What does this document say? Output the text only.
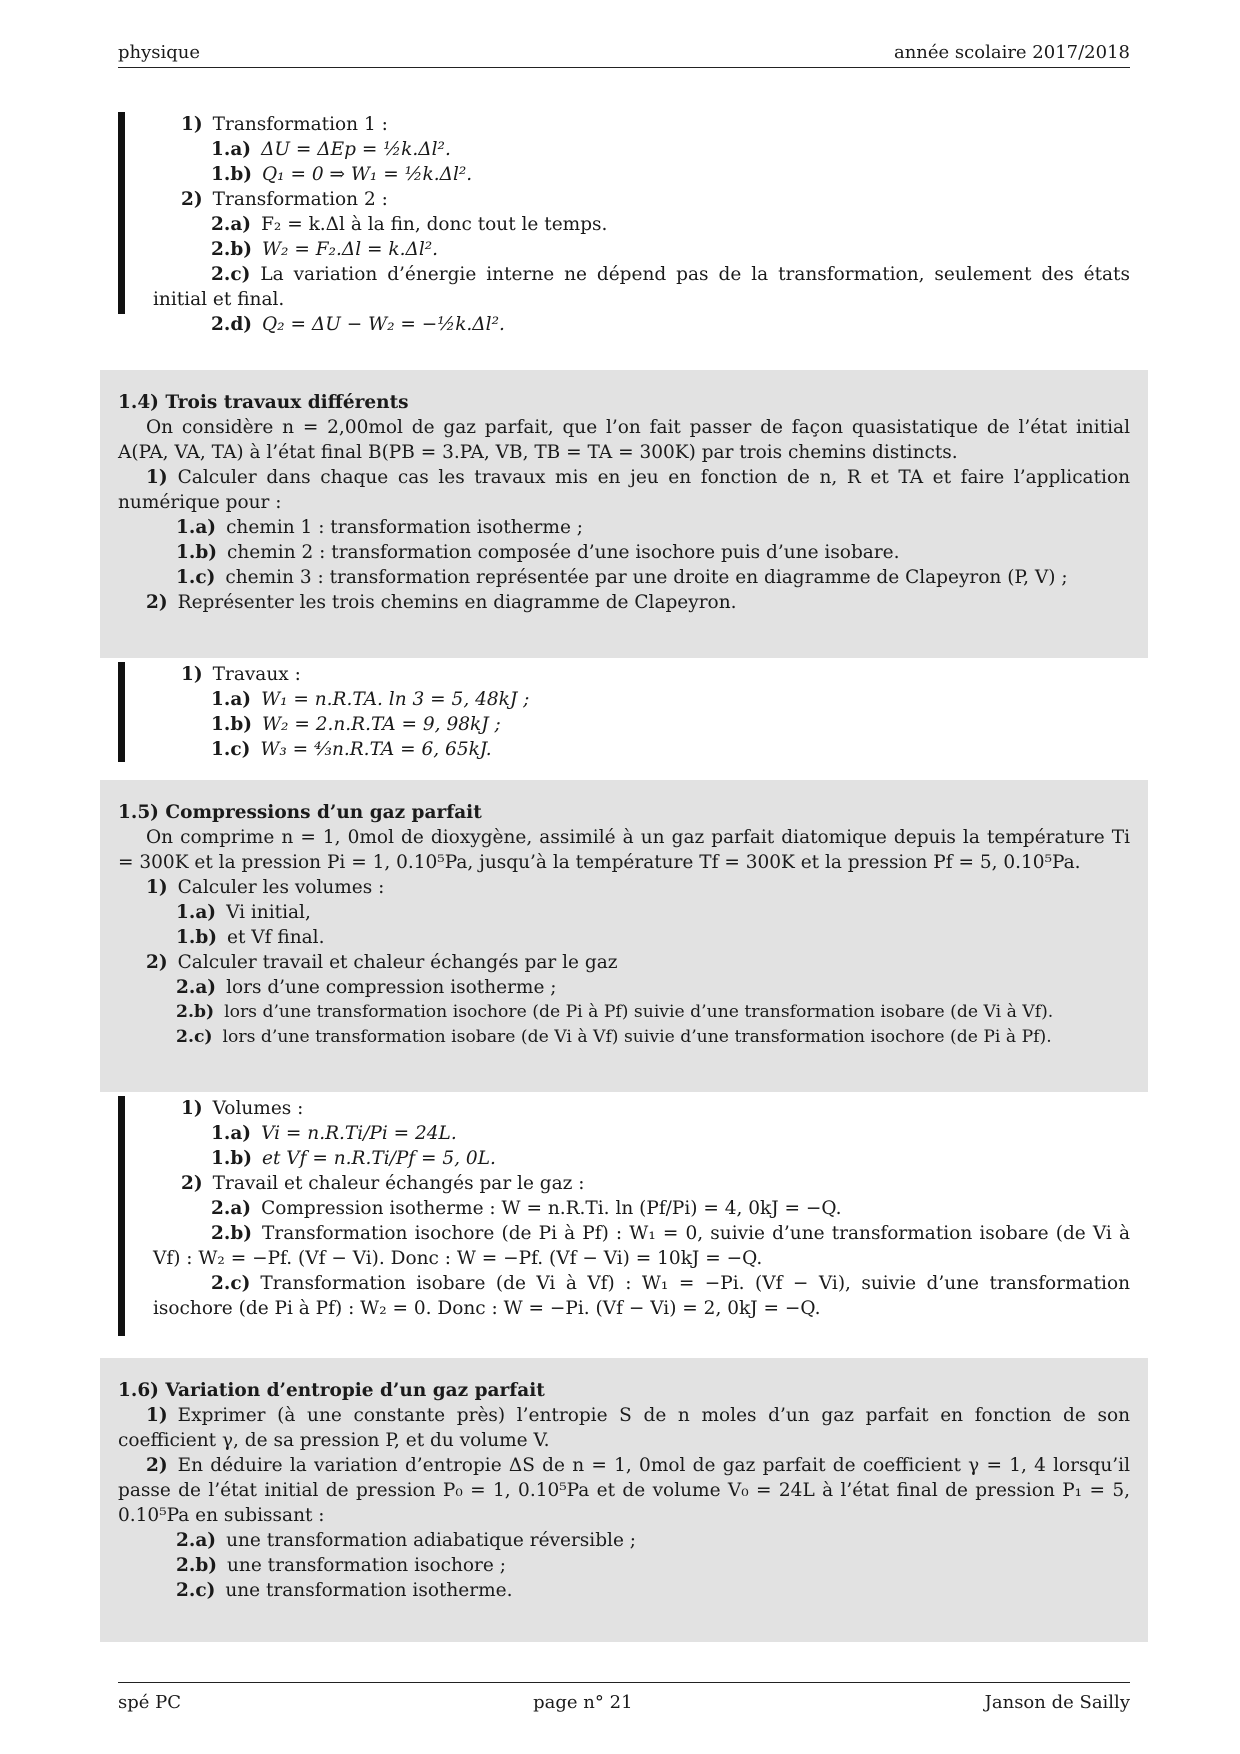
physique	année scolaire 2017/2018
1) Transformation 1 :
1.a) ΔU = ΔEp = ½k.Δl².
1.b) Q₁ = 0 ⇒ W₁ = ½k.Δl².
2) Transformation 2 :
2.a) F₂ = k.Δl à la fin, donc tout le temps.
2.b) W₂ = F₂.Δl = k.Δl².
2.c) La variation d’énergie interne ne dépend pas de la transformation, seulement des états initial et final.
2.d) Q₂ = ΔU − W₂ = −½k.Δl².
1.4) Trois travaux différents
On considère n = 2,00mol de gaz parfait, que l’on fait passer de façon quasistatique de l’état initial A(PA, VA, TA) à l’état final B(PB = 3.PA, VB, TB = TA = 300K) par trois chemins distincts.
1) Calculer dans chaque cas les travaux mis en jeu en fonction de n, R et TA et faire l’application numérique pour :
1.a) chemin 1 : transformation isotherme ;
1.b) chemin 2 : transformation composée d’une isochore puis d’une isobare.
1.c) chemin 3 : transformation représentée par une droite en diagramme de Clapeyron (P, V) ;
2) Représenter les trois chemins en diagramme de Clapeyron.
1) Travaux :
1.a) W₁ = n.R.TA. ln 3 = 5, 48kJ ;
1.b) W₂ = 2.n.R.TA = 9, 98kJ ;
1.c) W₃ = ⁴⁄₃n.R.TA = 6, 65kJ.
1.5) Compressions d’un gaz parfait
On comprime n = 1, 0mol de dioxygène, assimilé à un gaz parfait diatomique depuis la température Ti = 300K et la pression Pi = 1, 0.10⁵Pa, jusqu’à la température Tf = 300K et la pression Pf = 5, 0.10⁵Pa.
1) Calculer les volumes :
1.a) Vi initial,
1.b) et Vf final.
2) Calculer travail et chaleur échangés par le gaz
2.a) lors d’une compression isotherme ;
2.b) lors d’une transformation isochore (de Pi à Pf) suivie d’une transformation isobare (de Vi à Vf).
2.c) lors d’une transformation isobare (de Vi à Vf) suivie d’une transformation isochore (de Pi à Pf).
1) Volumes :
1.a) Vi = n.R.Ti/Pi = 24L.
1.b) et Vf = n.R.Ti/Pf = 5, 0L.
2) Travail et chaleur échangés par le gaz :
2.a) Compression isotherme : W = n.R.Ti. ln (Pf/Pi) = 4, 0kJ = −Q.
2.b) Transformation isochore (de Pi à Pf) : W₁ = 0, suivie d’une transformation isobare (de Vi à Vf) : W₂ = −Pf. (Vf − Vi). Donc : W = −Pf. (Vf − Vi) = 10kJ = −Q.
2.c) Transformation isobare (de Vi à Vf) : W₁ = −Pi. (Vf − Vi), suivie d’une transformation isochore (de Pi à Pf) : W₂ = 0. Donc : W = −Pi. (Vf − Vi) = 2, 0kJ = −Q.
1.6) Variation d’entropie d’un gaz parfait
1) Exprimer (à une constante près) l’entropie S de n moles d’un gaz parfait en fonction de son coefficient γ, de sa pression P, et du volume V.
2) En déduire la variation d’entropie ΔS de n = 1, 0mol de gaz parfait de coefficient γ = 1, 4 lorsqu’il passe de l’état initial de pression P₀ = 1, 0.10⁵Pa et de volume V₀ = 24L à l’état final de pression P₁ = 5, 0.10⁵Pa en subissant :
2.a) une transformation adiabatique réversible ;
2.b) une transformation isochore ;
2.c) une transformation isotherme.
spé PC	page n° 21	Janson de Sailly
